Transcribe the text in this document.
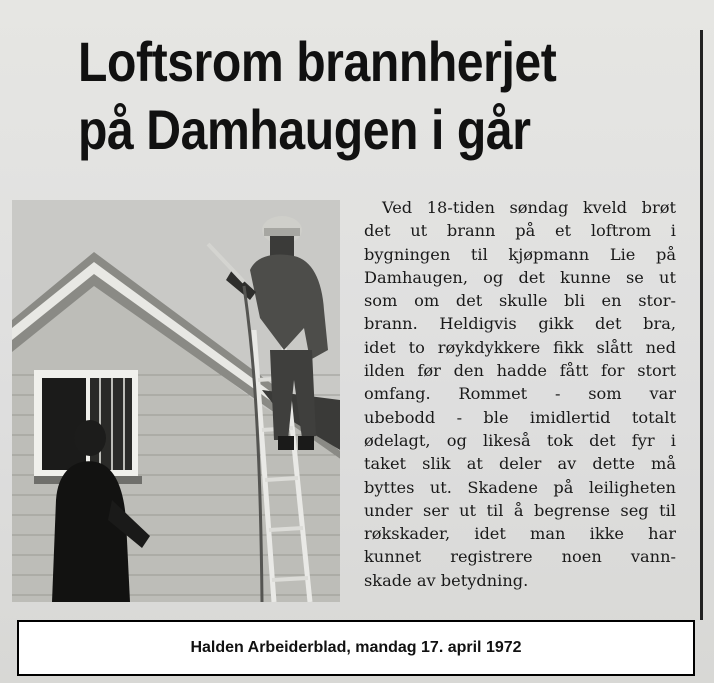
Loftsrom brannherjet
på Damhaugen i går
Ved 18-tiden søndag kveld brøt
det ut brann på et loftrom i
bygningen til kjøpmann Lie på
Damhaugen, og det kunne se ut
som om det skulle bli en stor-
brann. Heldigvis gikk det bra,
idet to røykdykkere fikk slått ned
ilden før den hadde fått for stort
omfang. Rommet - som var
ubebodd - ble imidlertid totalt
ødelagt, og likeså tok det fyr i
taket slik at deler av dette må
byttes ut. Skadene på leiligheten
under ser ut til å begrense seg til
røkskader, idet man ikke har
kunnet registrere noen vann-
skade av betydning.
Halden Arbeiderblad, mandag 17. april 1972
